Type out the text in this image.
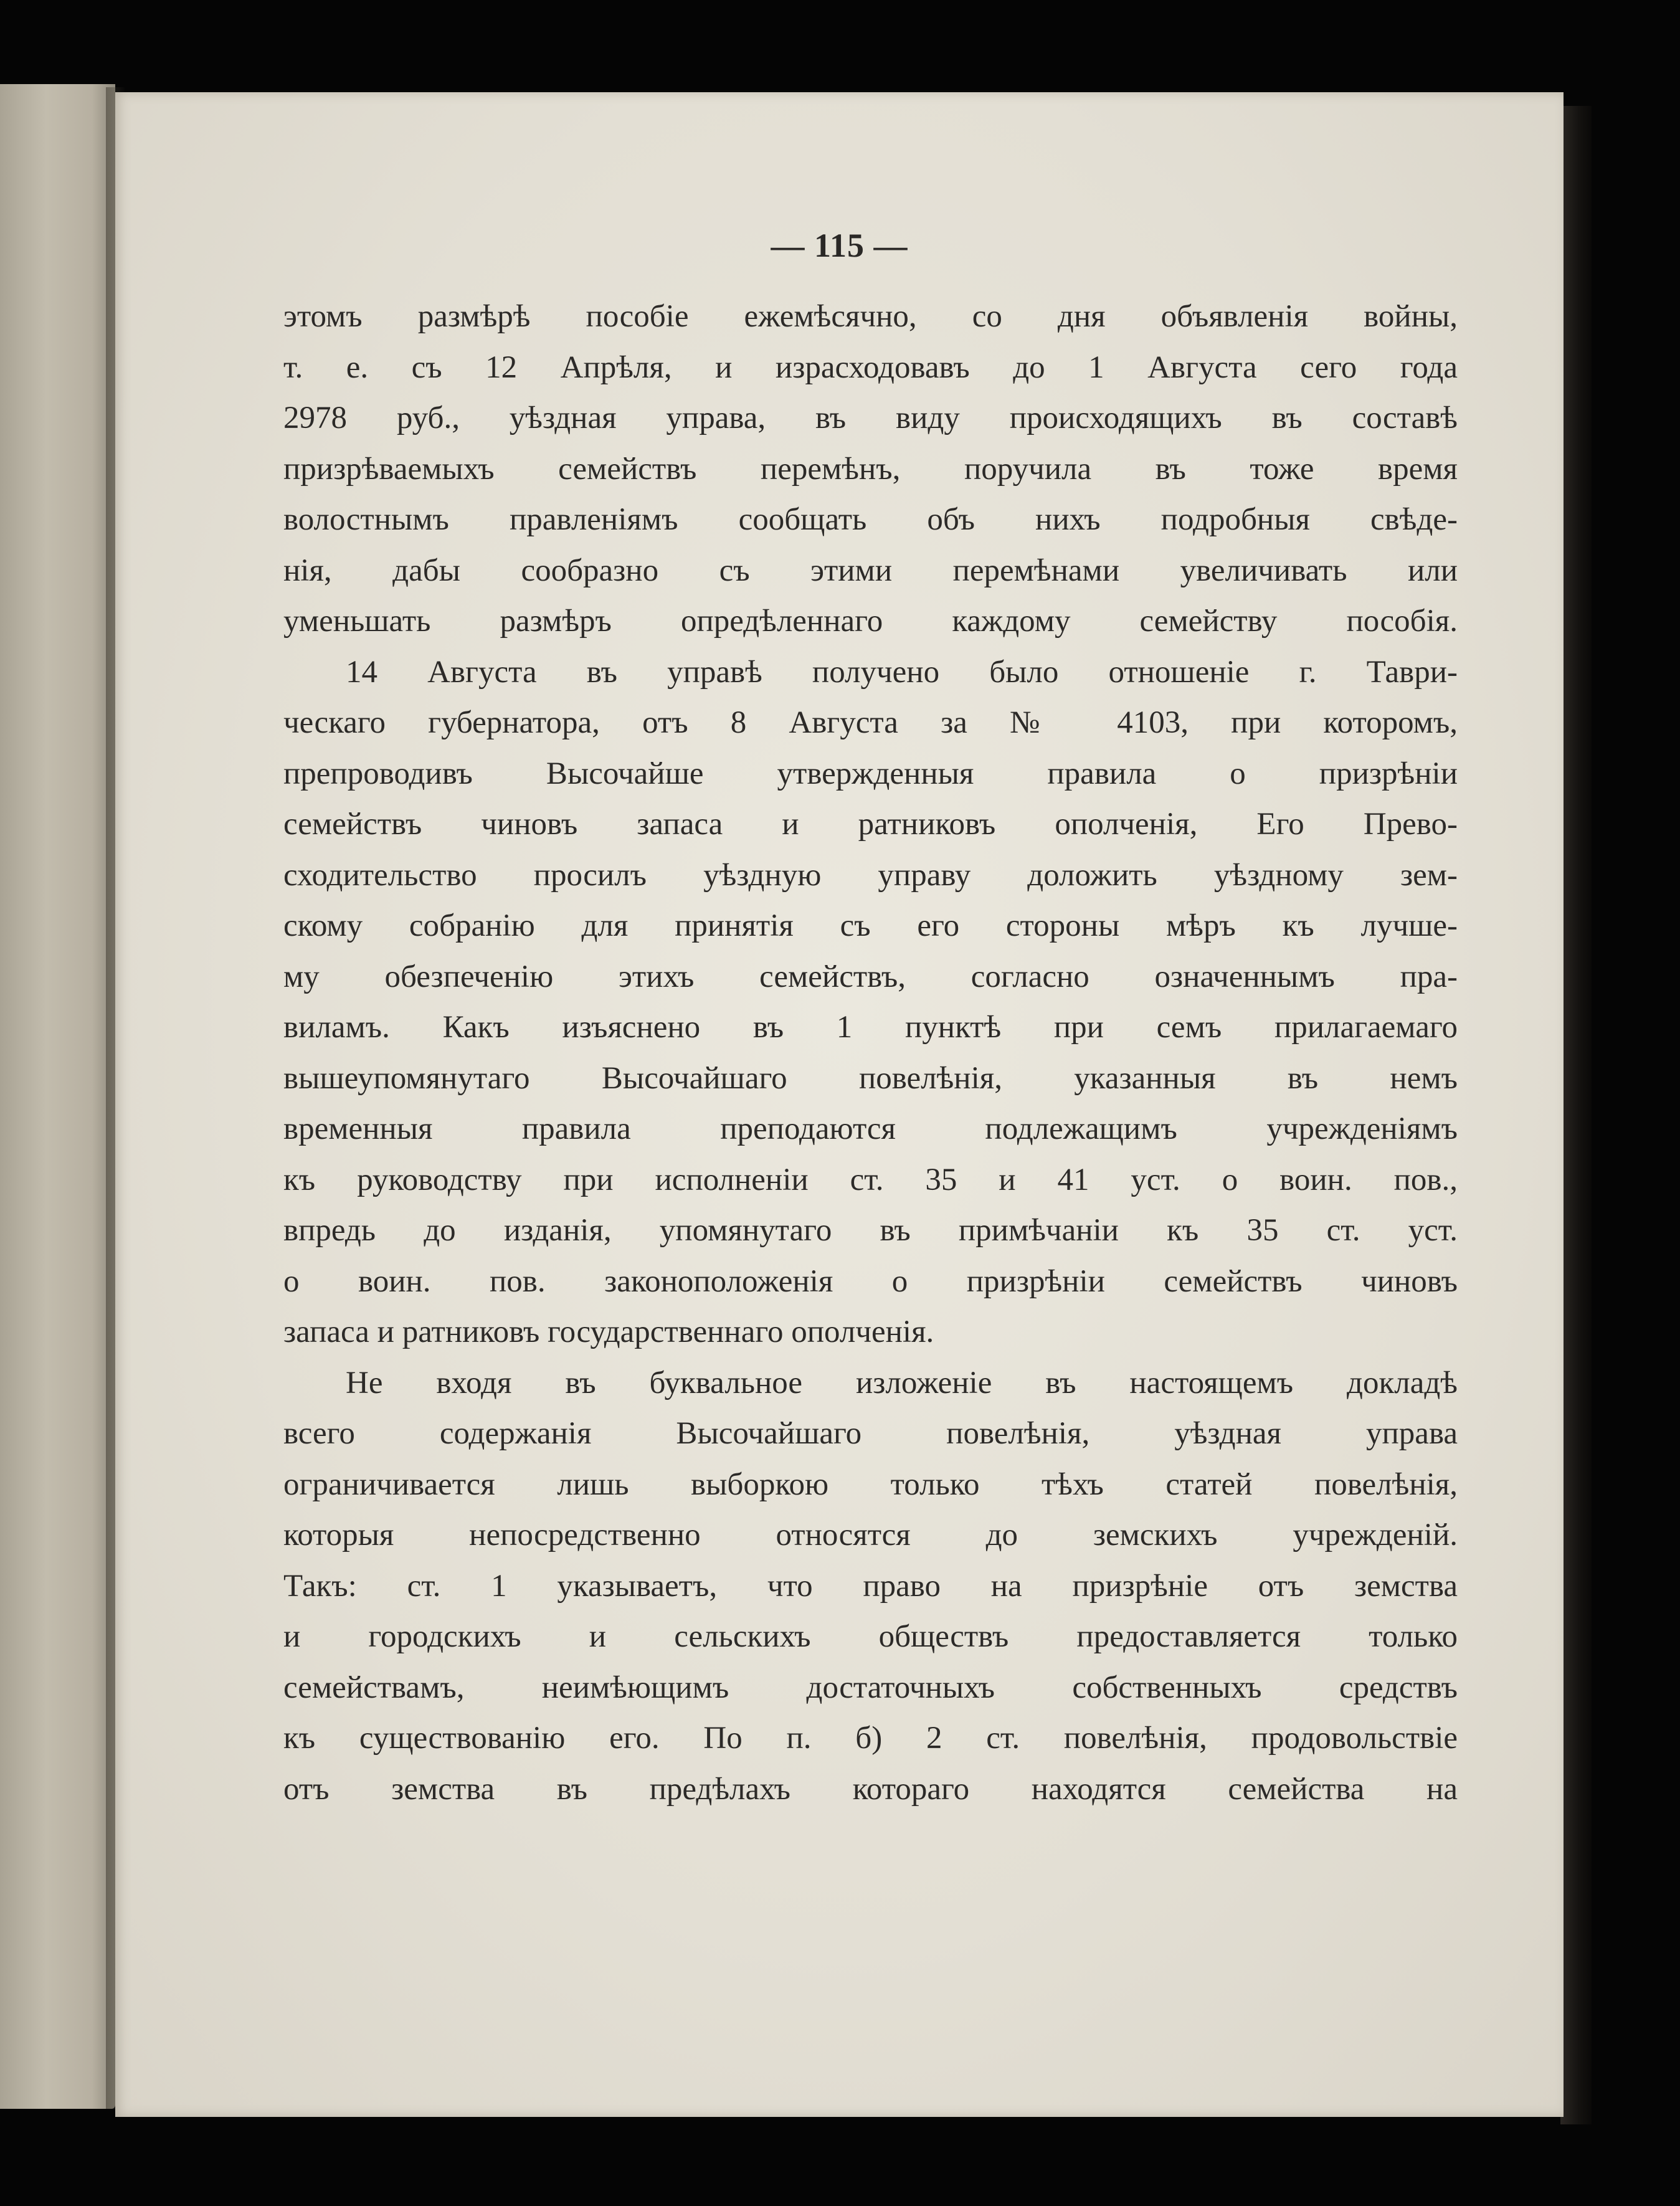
— 115 —
этомъ размѣрѣ пособіе ежемѣсячно, со дня объявленія войны,
т. е. съ 12 Апрѣля, и израсходовавъ до 1 Августа сего года
2978 руб., уѣздная управа, въ виду происходящихъ въ составѣ
призрѣваемыхъ семействъ перемѣнъ, поручила въ тоже время
волостнымъ правленіямъ сообщать объ нихъ подробныя свѣде-
нія, дабы сообразно съ этими перемѣнами увеличивать или
уменьшать размѣръ опредѣленнаго каждому семейству пособія.
14 Августа въ управѣ получено было отношеніе г. Таври-
ческаго губернатора, отъ 8 Августа за № 4103, при которомъ,
препроводивъ Высочайше утвержденныя правила о призрѣніи
семействъ чиновъ запаса и ратниковъ ополченія, Его Прево-
сходительство просилъ уѣздную управу доложить уѣздному зем-
скому собранію для принятія съ его стороны мѣръ къ лучше-
му обезпеченію этихъ семействъ, согласно означеннымъ пра-
виламъ. Какъ изъяснено въ 1 пунктѣ при семъ прилагаемаго
вышеупомянутаго Высочайшаго повелѣнія, указанныя въ немъ
временныя правила преподаются подлежащимъ учрежденіямъ
къ руководству при исполненіи ст. 35 и 41 уст. о воин. пов.,
впредь до изданія, упомянутаго въ примѣчаніи къ 35 ст. уст.
о воин. пов. законоположенія о призрѣніи семействъ чиновъ
запаса и ратниковъ государственнаго ополченія.
Не входя въ буквальное изложеніе въ настоящемъ докладѣ
всего содержанія Высочайшаго повелѣнія, уѣздная управа
ограничивается лишь выборкою только тѣхъ статей повелѣнія,
которыя непосредственно относятся до земскихъ учрежденій.
Такъ: ст. 1 указываетъ, что право на призрѣніе отъ земства
и городскихъ и сельскихъ обществъ предоставляется только
семействамъ, неимѣющимъ достаточныхъ собственныхъ средствъ
къ существованію его. По п. б) 2 ст. повелѣнія, продовольствіе
отъ земства въ предѣлахъ котораго находятся семейства на
